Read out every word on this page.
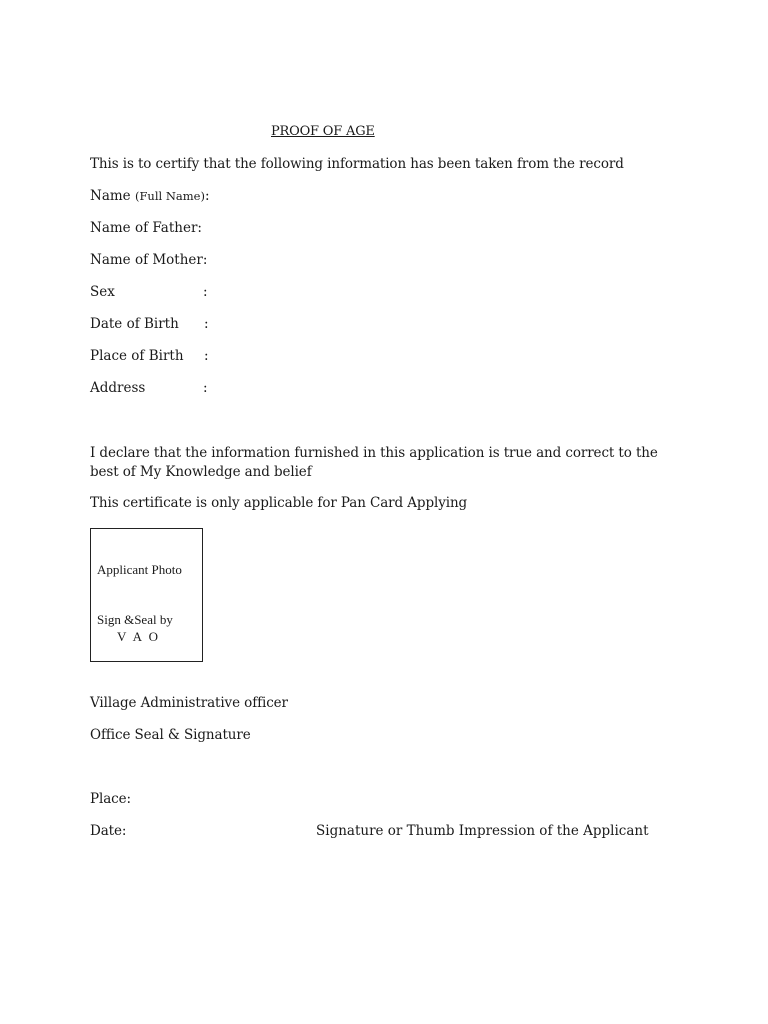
PROOF OF AGE
This is to certify that the following information has been taken from the record
Name (Full Name):
Name of Father:
Name of Mother:
Sex	:
Date of Birth :
Place of Birth :
Address	:
I declare that the information furnished in this application is true and correct to the best of My Knowledge and belief
This certificate is only applicable for Pan Card Applying
Applicant Photo
Sign &Seal by
V A O
Village Administrative officer
Office Seal & Signature
Place:
Date:	Signature or Thumb Impression of the Applicant
